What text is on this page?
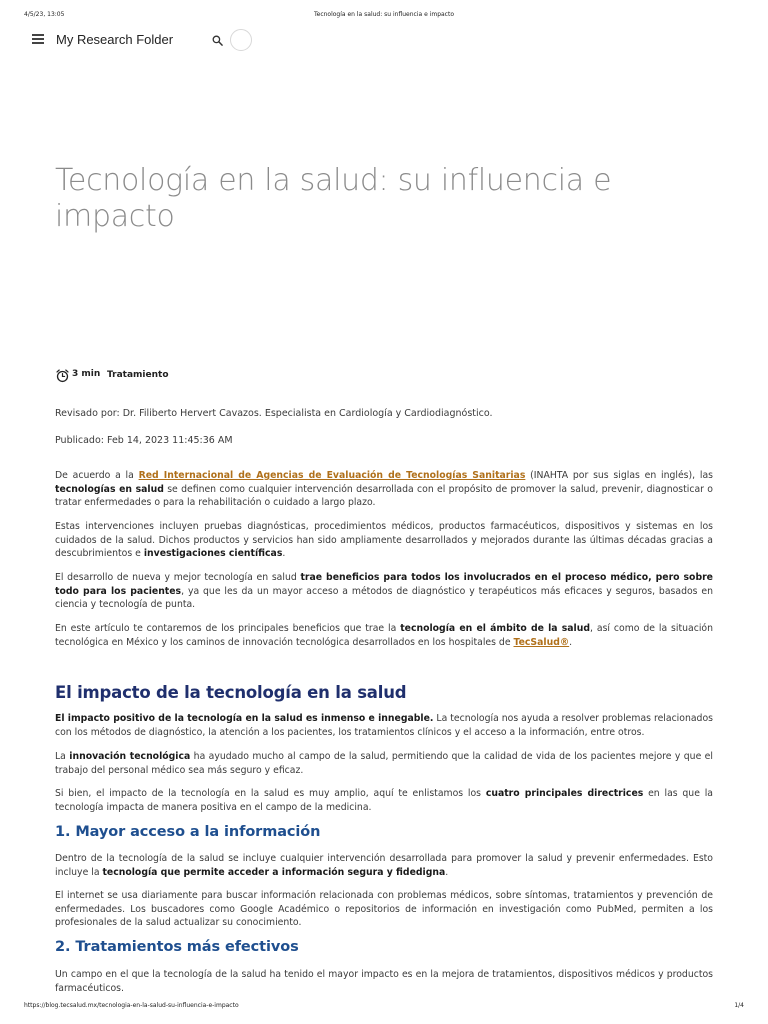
4/5/23, 13:05	Tecnología en la salud: su influencia e impacto
My Research Folder
Tecnología en la salud: su influencia e impacto
3 min Tratamiento
Revisado por: Dr. Filiberto Hervert Cavazos. Especialista en Cardiología y Cardiodiagnóstico.
Publicado: Feb 14, 2023 11:45:36 AM

De acuerdo a la Red Internacional de Agencias de Evaluación de Tecnologías Sanitarias (INAHTA por sus siglas en inglés), las tecnologías en salud se definen como cualquier intervención desarrollada con el propósito de promover la salud, prevenir, diagnosticar o tratar enfermedades o para la rehabilitación o cuidado a largo plazo.

Estas intervenciones incluyen pruebas diagnósticas, procedimientos médicos, productos farmacéuticos, dispositivos y sistemas en los cuidados de la salud. Dichos productos y servicios han sido ampliamente desarrollados y mejorados durante las últimas décadas gracias a descubrimientos e investigaciones científicas.

El desarrollo de nueva y mejor tecnología en salud trae beneficios para todos los involucrados en el proceso médico, pero sobre todo para los pacientes, ya que les da un mayor acceso a métodos de diagnóstico y terapéuticos más eficaces y seguros, basados en ciencia y tecnología de punta.

En este artículo te contaremos de los principales beneficios que trae la tecnología en el ámbito de la salud, así como de la situación tecnológica en México y los caminos de innovación tecnológica desarrollados en los hospitales de TecSalud®.

El impacto de la tecnología en la salud

El impacto positivo de la tecnología en la salud es inmenso e innegable. La tecnología nos ayuda a resolver problemas relacionados con los métodos de diagnóstico, la atención a los pacientes, los tratamientos clínicos y el acceso a la información, entre otros.

La innovación tecnológica ha ayudado mucho al campo de la salud, permitiendo que la calidad de vida de los pacientes mejore y que el trabajo del personal médico sea más seguro y eficaz.

Si bien, el impacto de la tecnología en la salud es muy amplio, aquí te enlistamos los cuatro principales directrices en las que la tecnología impacta de manera positiva en el campo de la medicina.

1. Mayor acceso a la información

Dentro de la tecnología de la salud se incluye cualquier intervención desarrollada para promover la salud y prevenir enfermedades. Esto incluye la tecnología que permite acceder a información segura y fidedigna.

El internet se usa diariamente para buscar información relacionada con problemas médicos, sobre síntomas, tratamientos y prevención de enfermedades. Los buscadores como Google Académico o repositorios de información en investigación como PubMed, permiten a los profesionales de la salud actualizar su conocimiento.

2. Tratamientos más efectivos

Un campo en el que la tecnología de la salud ha tenido el mayor impacto es en la mejora de tratamientos, dispositivos médicos y productos farmacéuticos.

https://blog.tecsalud.mx/tecnologia-en-la-salud-su-influencia-e-impacto	1/4
